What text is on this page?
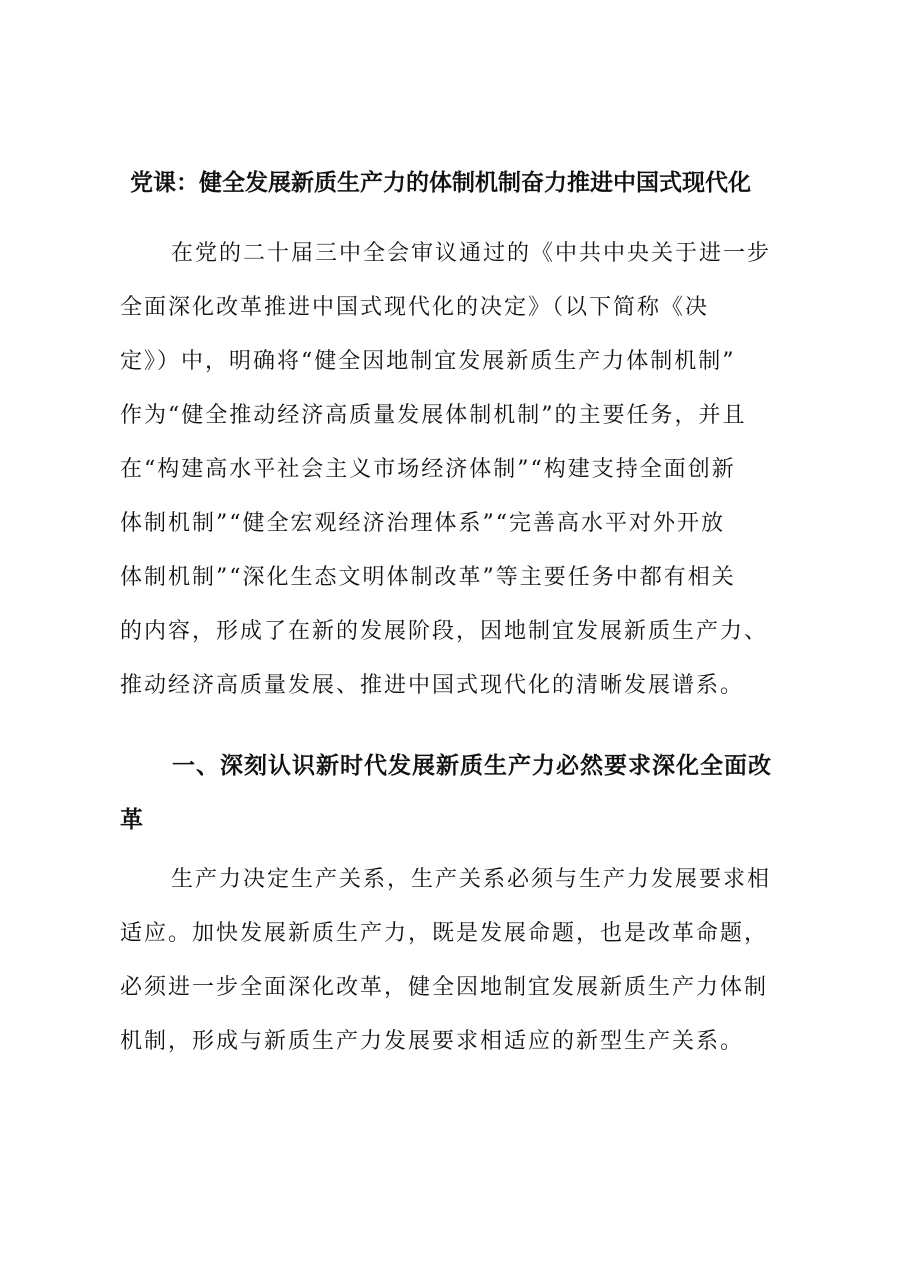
党课：健全发展新质生产力的体制机制奋力推进中国式现代化
在党的二十届三中全会审议通过的《中共中央关于进一步
全面深化改革推进中国式现代化的决定》（以下简称《决
定》）中，明确将“健全因地制宜发展新质生产力体制机制”
作为“健全推动经济高质量发展体制机制”的主要任务，并且
在“构建高水平社会主义市场经济体制”“构建支持全面创新
体制机制”“健全宏观经济治理体系”“完善高水平对外开放
体制机制”“深化生态文明体制改革”等主要任务中都有相关
的内容，形成了在新的发展阶段，因地制宜发展新质生产力、
推动经济高质量发展、推进中国式现代化的清晰发展谱系。
一、深刻认识新时代发展新质生产力必然要求深化全面改
革
生产力决定生产关系，生产关系必须与生产力发展要求相
适应。加快发展新质生产力，既是发展命题，也是改革命题，
必须进一步全面深化改革，健全因地制宜发展新质生产力体制
机制，形成与新质生产力发展要求相适应的新型生产关系。
